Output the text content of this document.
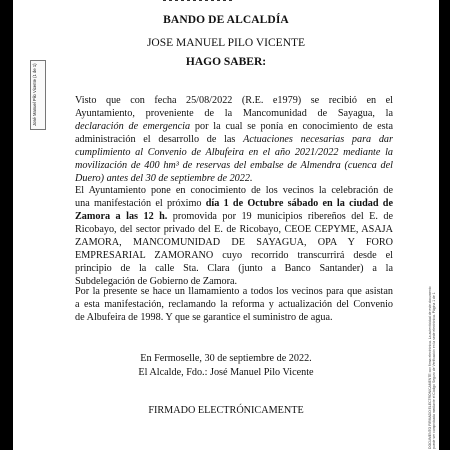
BANDO DE ALCALDÍA
JOSE MANUEL PILO VICENTE
HAGO SABER:
Visto que con fecha 25/08/2022 (R.E. e1979) se recibió en el
Ayuntamiento, proveniente de la Mancomunidad de Sayagua, la
declaración de emergencia por la cual se ponía en conocimiento de esta
administración el desarrollo de las Actuaciones necesarias para dar
cumplimiento al Convenio de Albufeira en el año 2021/2022 mediante la
movilización de 400 hm³ de reservas del embalse de Almendra (cuenca del
Duero) antes del 30 de septiembre de 2022.
El Ayuntamiento pone en conocimiento de los vecinos la celebración de
una manifestación el próximo día 1 de Octubre sábado en la ciudad de
Zamora a las 12 h. promovida por 19 municipios ribereños del E. de
Ricobayo, del sector privado del E. de Ricobayo, CEOE CEPYME, ASAJA
ZAMORA, MANCOMUNIDAD DE SAYAGUA, OPA Y FORO
EMPRESARIAL ZAMORANO cuyo recorrido transcurrirá desde el
principio de la calle Sta. Clara (junto a Banco Santander) a la
Subdelegación de Gobierno de Zamora.
Por la presente se hace un llamamiento a todos los vecinos para que asistan
a esta manifestación, reclamando la reforma y actualización del Convenio
de Albufeira de 1998. Y que se garantice el suministro de agua.
En Fermoselle, 30 de septiembre de 2022.
El Alcalde, Fdo.: José Manuel Pilo Vicente
FIRMADO ELECTRÓNICAMENTE
José Manuel Pilo Vicente (1 de 1)
DOCUMENTO FIRMADO ELECTRÓNICAMENTE con firma electrónica. La autenticidad de este documento puede ser comprobada mediante el Código Seguro de Verificación en la sede electrónica. Página 1 de 1
